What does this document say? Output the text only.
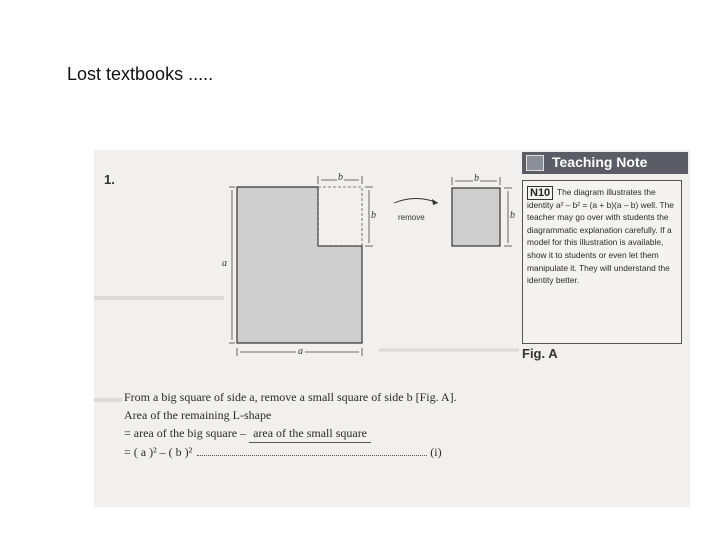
Lost textbooks .....
1.
a
a
b
b
b
b
remove
Teaching Note
N10 The diagram illustrates the identity a² – b² = (a + b)(a – b) well. The teacher may go over with students the diagrammatic explanation carefully. If a model for this illustration is available, show it to students or even let them manipulate it. They will understand the identity better.
Fig. A
From a big square of side a, remove a small square of side b [Fig. A].
Area of the remaining L-shape
= area of the big square – area of the small square
= ( a )² – ( b )²	(i)
